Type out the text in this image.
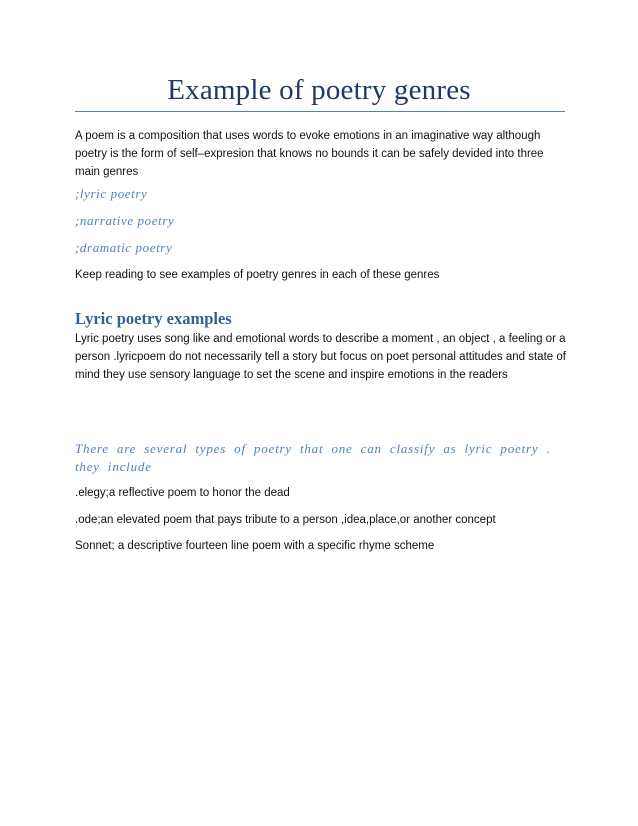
Example of poetry genres

A poem is a composition that uses words to evoke emotions in an imaginative way although poetry is the form of self–expresion that knows no bounds it can be safely devided into three main genres

;lyric poetry

;narrative poetry

;dramatic poetry

Keep reading to see examples of poetry genres in each of these genres

Lyric poetry examples

Lyric poetry uses song like and emotional words to describe a moment , an object , a feeling or a person .lyricpoem do not necessarily tell a story but focus on poet personal attitudes and state of mind they use sensory language to set the scene and inspire emotions in the readers

There are several types of poetry that one can classify as lyric poetry . they include

.elegy;a reflective poem to honor the dead

.ode;an elevated poem that pays tribute to a person ,idea,place,or another concept

Sonnet; a descriptive fourteen line poem with a specific rhyme scheme
